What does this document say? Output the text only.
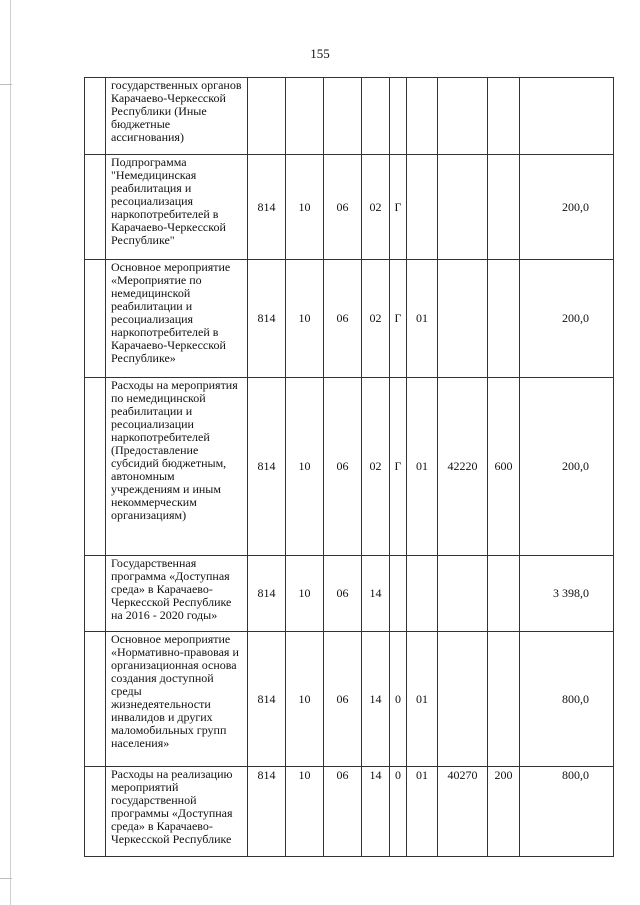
155
	государственных органов Карачаево-Черкесской Республики (Иные бюджетные ассигнования)									
	Подпрограмма "Немедицинская реабилитация и ресоциализация наркопотребителей в Карачаево-Черкесской Республике"	814	10	06	02	Г				200,0
	Основное мероприятие «Мероприятие по немедицинской реабилитации и ресоциализация наркопотребителей в Карачаево-Черкесской Республике»	814	10	06	02	Г	01			200,0
	Расходы на мероприятия по немедицинской реабилитации и ресоциализации наркопотребителей (Предоставление субсидий бюджетным, автономным учреждениям и иным некоммерческим организациям)	814	10	06	02	Г	01	42220	600	200,0
	Государственная программа «Доступная среда» в Карачаево-Черкесской Республике на 2016 - 2020 годы»	814	10	06	14					3 398,0
	Основное мероприятие «Нормативно-правовая и организационная основа создания доступной среды жизнедеятельности инвалидов и других маломобильных групп населения»	814	10	06	14	0	01			800,0
	Расходы на реализацию мероприятий государственной программы «Доступная среда» в Карачаево-Черкесской Республике	814	10	06	14	0	01	40270	200	800,0
